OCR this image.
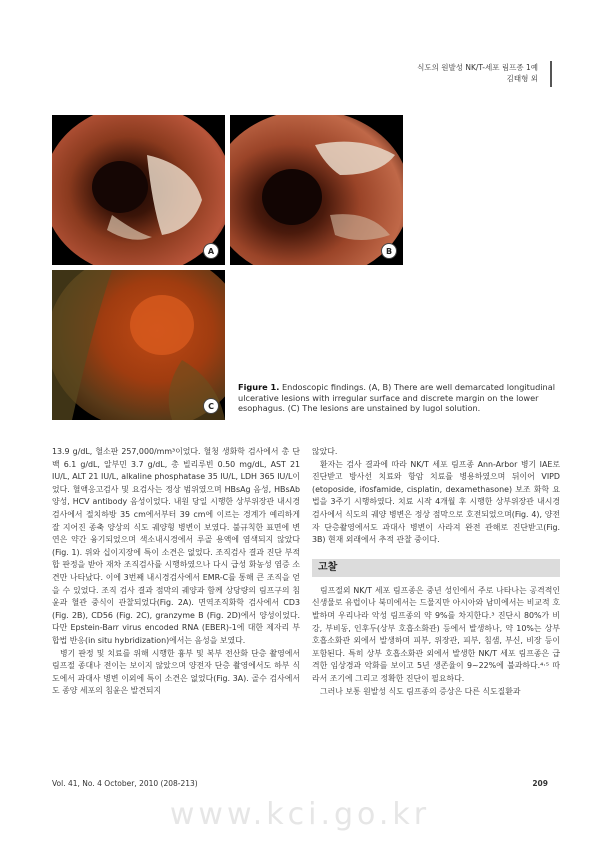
식도의 원발성 NK/T-세포 림프종 1예
김태형 외
A	B
C
Figure 1. Endoscopic findings. (A, B) There are well demarcated longitudinal ulcerative lesions with irregular surface and discrete margin on the lower esophagus. (C) The lesions are unstained by lugol solution.

13.9 g/dL, 혈소판 257,000/mm³이었다. 혈청 생화학 검사에서 총 단백 6.1 g/dL, 알부민 3.7 g/dL, 총 빌리루빈 0.50 mg/dL, AST 21 IU/L, ALT 21 IU/L, alkaline phosphatase 35 IU/L, LDH 365 IU/L이었다. 혈액응고검사 및 요검사는 정상 범위였으며 HBsAg 음성, HBsAb 양성, HCV antibody 음성이었다. 내원 당일 시행한 상부위장관 내시경검사에서 절치하방 35 cm에서부터 39 cm에 이르는 경계가 예리하게 잘 지어진 종축 양상의 식도 궤양형 병변이 보였다. 불규칙한 표면에 변연은 약간 융기되었으며 색소내시경에서 루골 용액에 염색되지 않았다(Fig. 1). 위와 십이지장에 특이 소견은 없었다. 조직검사 결과 진단 부적합 판정을 받아 재차 조직검사를 시행하였으나 다시 급성 화농성 염증 소견만 나타났다. 이에 3번째 내시경검사에서 EMR-C를 통해 큰 조직을 얻을 수 있었다. 조직 검사 결과 점막의 궤양과 함께 상당량의 림프구의 침윤과 혈관 중식이 관찰되었다(Fig. 2A). 면역조직화학 검사에서 CD3 (Fig. 2B), CD56 (Fig. 2C), granzyme B (Fig. 2D)에서 양성이었다. 다만 Epstein-Barr virus encoded RNA (EBER)-1에 대한 제자리 부합법 반응(in situ hybridization)에서는 음성을 보였다.

병기 판정 및 치료를 위해 시행한 흉부 및 복부 전산화 단층 촬영에서 림프절 종대나 전이는 보이지 않았으며 양전자 단층 촬영에서도 하부 식도에서 과대사 병변 이외에 특이 소견은 없었다(Fig. 3A). 골수 검사에서도 종양 세포의 침윤은 발견되지

않았다.

환자는 검사 결과에 따라 NK/T 세포 림프종 Ann-Arbor 병기 IAE로 진단받고 방사선 치료와 항암 치료를 병용하였으며 뒤이어 VIPD (etoposide, ifosfamide, cisplatin, dexamethasone) 보조 화학 요법을 3주기 시행하였다. 치료 시작 4개월 후 시행한 상부위장관 내시경검사에서 식도의 궤양 병변은 정상 점막으로 호전되었으며(Fig. 4), 양전자 단층촬영에서도 과대사 병변이 사라져 완전 관해로 진단받고(Fig. 3B) 현재 외래에서 추적 관찰 중이다.

고찰

림프절외 NK/T 세포 림프종은 중년 성인에서 주로 나타나는 공격적인 신생물로 유럽이나 북미에서는 드물지만 아시아와 남미에서는 비교적 호발하며 우리나라 악성 림프종의 약 9%를 차지한다.³ 진단시 80%가 비강, 부비동, 인후두(상부 호흡소화관) 등에서 발생하나, 약 10%는 상부 호흡소화관 외에서 발생하며 피부, 위장관, 피부, 침샘, 부신, 비장 등이 포함된다. 특히 상부 호흡소화관 외에서 발생한 NK/T 세포 림프종은 급격한 임상경과 악화를 보이고 5년 생존율이 9∼22%에 불과하다.⁴·⁵ 따라서 조기에 그리고 정확한 진단이 필요하다.

그러나 보통 원발성 식도 림프종의 증상은 다른 식도질환과

Vol. 41, No. 4 October, 2010 (208-213)	209
www.kci.go.kr
